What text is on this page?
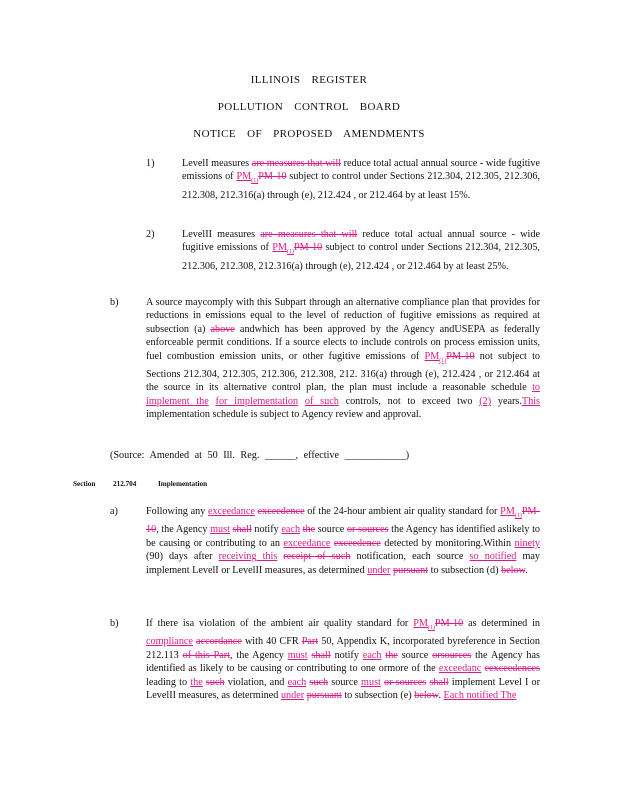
ILLINOIS REGISTER
POLLUTION CONTROL BOARD
NOTICE OF PROPOSED AMENDMENTS
1)	LevelI measures are measures that will reduce total actual annual source - wide fugitive emissions of $PM_{(1)}PM-10$ subject to control under Sections 212.304, 212.305, 212.306, 212.308, 212.316(a) through (e), 212.424 , or 212.464 by at least 15%.
2)	LevelII measures are measures that will reduce total actual annual source - wide fugitive emissions of $PM_{(1)}PM-10$ subject to control under Sections 212.304, 212.305, 212.306, 212.308, 212.316(a) through (e), 212.424 , or 212.464 by at least 25%.
b)	A source maycomply with this Subpart through an alternative compliance plan that provides for reductions in emissions equal to the level of reduction of fugitive emissions as required at subsection (a) above andwhich has been approved by the Agency andUSEPA as federally enforceable permit conditions. If a source elects to include controls on process emission units, fuel combustion emission units, or other fugitive emissions of $PM_{(1)}PM-10$ not subject to Sections 212.304, 212.305, 212.306, 212.308, 212. 316(a) through (e), 212.424 , or 212.464 at the source in its alternative control plan, the plan must include a reasonable schedule to implement the for implementation of such controls, not to exceed two (2) years.This implementation schedule is subject to Agency review and approval.
(Source: Amended at 50 Ill. Reg. ______, effective ____________)
Section 212.704	Implementation
a)	Following any exceedance exceedence of the 24-hour ambient air quality standard for $PM_{(1)}PM-10$, the Agency must shall notify each the source or sources the Agency has identified aslikely to be causing or contributing to an exceedance exceedence detected by monitoring.Within ninety (90) days after receiving this receipt of such notification, each source so notified may implement LevelI or LevelII measures, as determined under pursuant to subsection (d) below.
b)	If there isa violation of the ambient air quality standard for $PM_{(1)}PM-10$ as determined in compliance accordance with 40 CFR Part 50, Appendix K, incorporated byreference in Section 212.113 of this Part, the Agency must shall notify each the source orsources the Agency has identified as likely to be causing or contributing to one ormore of the exceedanc eexceedences leading to the such violation, and each such source must or sources shall implement Level I or LevelII measures, as determined under pursuant to subsection (e) below. Each notified The
